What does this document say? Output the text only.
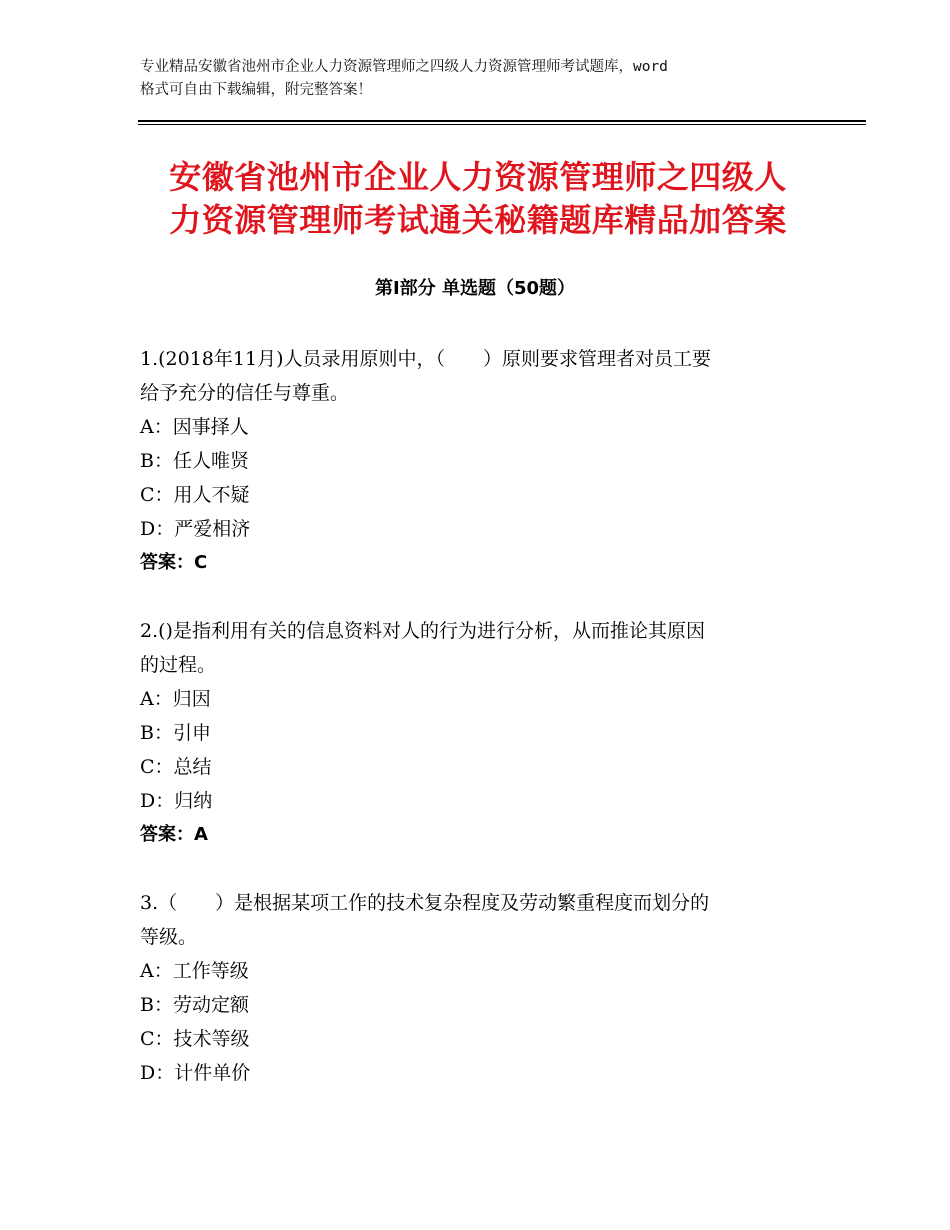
专业精品安徽省池州市企业人力资源管理师之四级人力资源管理师考试题库，word
格式可自由下载编辑，附完整答案！
安徽省池州市企业人力资源管理师之四级人
力资源管理师考试通关秘籍题库精品加答案
第Ⅰ部分 单选题（50题）
1.(2018年11月)人员录用原则中，（　　）原则要求管理者对员工要
给予充分的信任与尊重。
A：因事择人
B：任人唯贤
C：用人不疑
D：严爱相济
答案：C
2.()是指利用有关的信息资料对人的行为进行分析，从而推论其原因
的过程。
A：归因
B：引申
C：总结
D：归纳
答案：A
3.（　　）是根据某项工作的技术复杂程度及劳动繁重程度而划分的
等级。
A：工作等级
B：劳动定额
C：技术等级
D：计件单价
